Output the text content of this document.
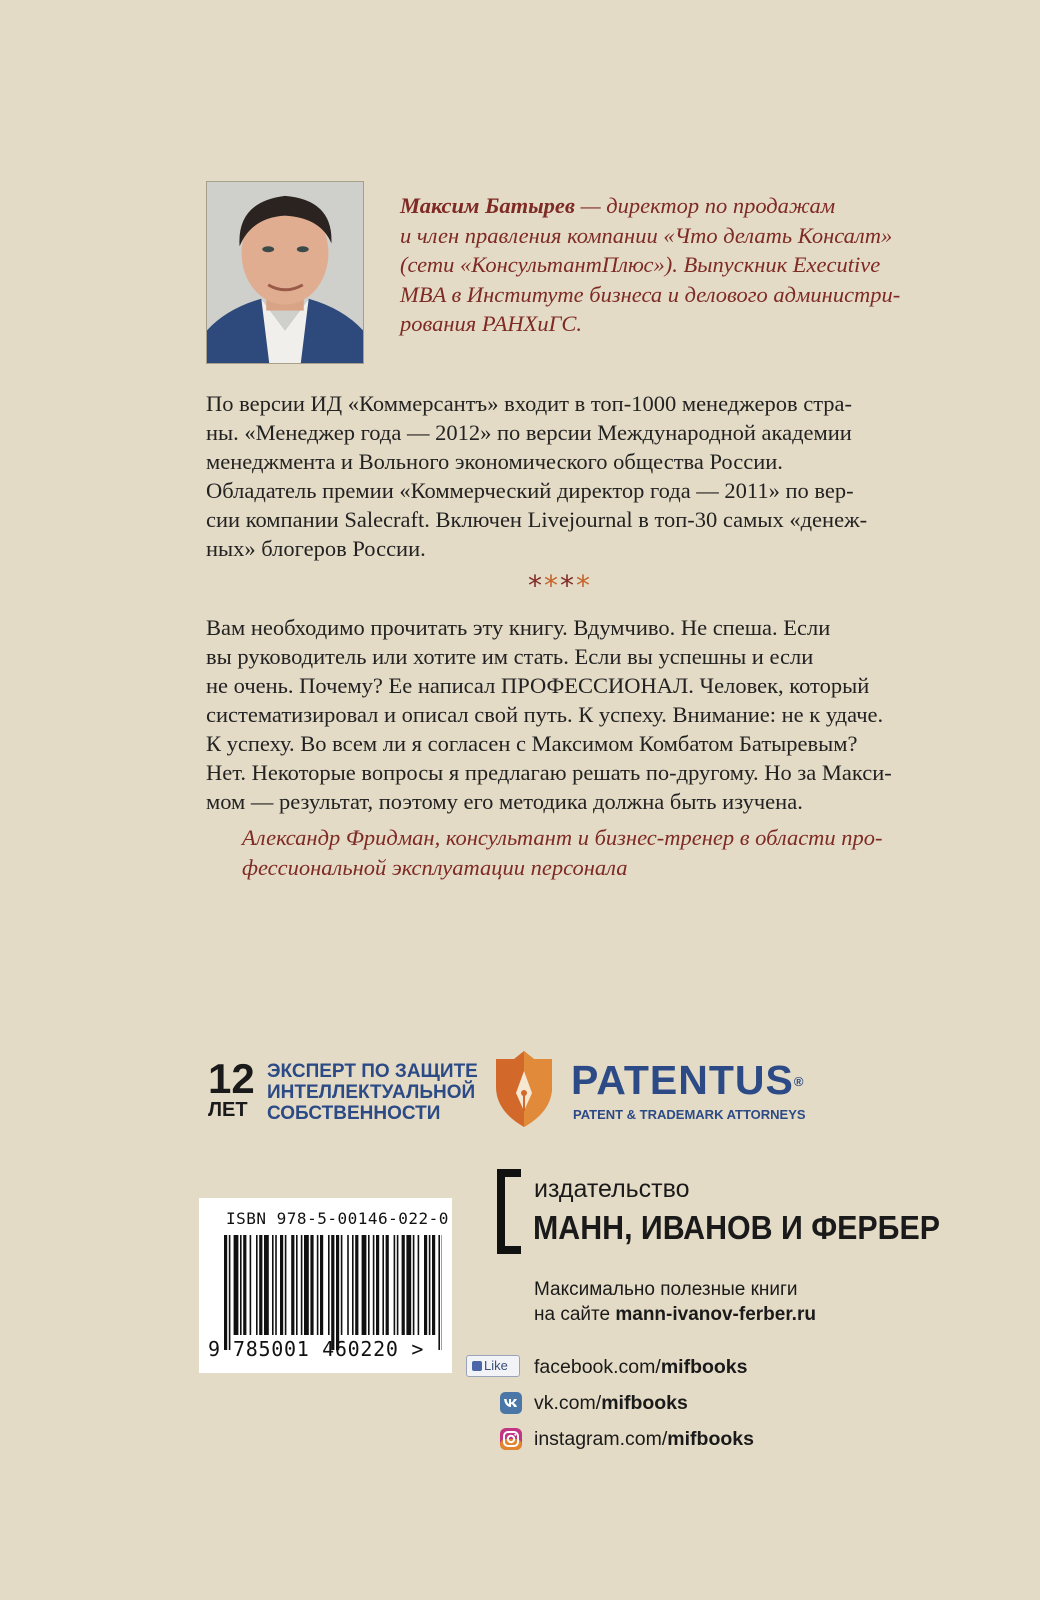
Максим Батырев — директор по продажам
и член правления компании «Что делать Консалт»
(сети «КонсультантПлюс»). Выпускник Executive
MBA в Институте бизнеса и делового администри-
рования РАНХиГС.

По версии ИД «Коммерсантъ» входит в топ-1000 менеджеров стра-
ны. «Менеджер года — 2012» по версии Международной академии
менеджмента и Вольного экономического общества России.
Обладатель премии «Коммерческий директор года — 2011» по вер-
сии компании Salecraft. Включен Livejournal в топ-30 самых «денеж-
ных» блогеров России.

****

Вам необходимо прочитать эту книгу. Вдумчиво. Не спеша. Если
вы руководитель или хотите им стать. Если вы успешны и если
не очень. Почему? Ее написал ПРОФЕССИОНАЛ. Человек, который
систематизировал и описал свой путь. К успеху. Внимание: не к удаче.
К успеху. Во всем ли я согласен с Максимом Комбатом Батыревым?
Нет. Некоторые вопросы я предлагаю решать по-другому. Но за Макси-
мом — результат, поэтому его методика должна быть изучена.

Александр Фридман, консультант и бизнес-тренер в области про-
фессиональной эксплуатации персонала
12
ЛЕТ
ЭКСПЕРТ ПО ЗАЩИТЕ
ИНТЕЛЛЕКТУАЛЬНОЙ
СОБСТВЕННОСТИ
PATENTUS®
PATENT & TRADEMARK ATTORNEYS
ISBN 978-5-00146-022-0
9 785001 460220 >
издательство
МАНН, ИВАНОВ И ФЕРБЕР
Максимально полезные книги
на сайте mann-ivanov-ferber.ru
Like	facebook.com/mifbooks
vk.com/mifbooks
instagram.com/mifbooks
